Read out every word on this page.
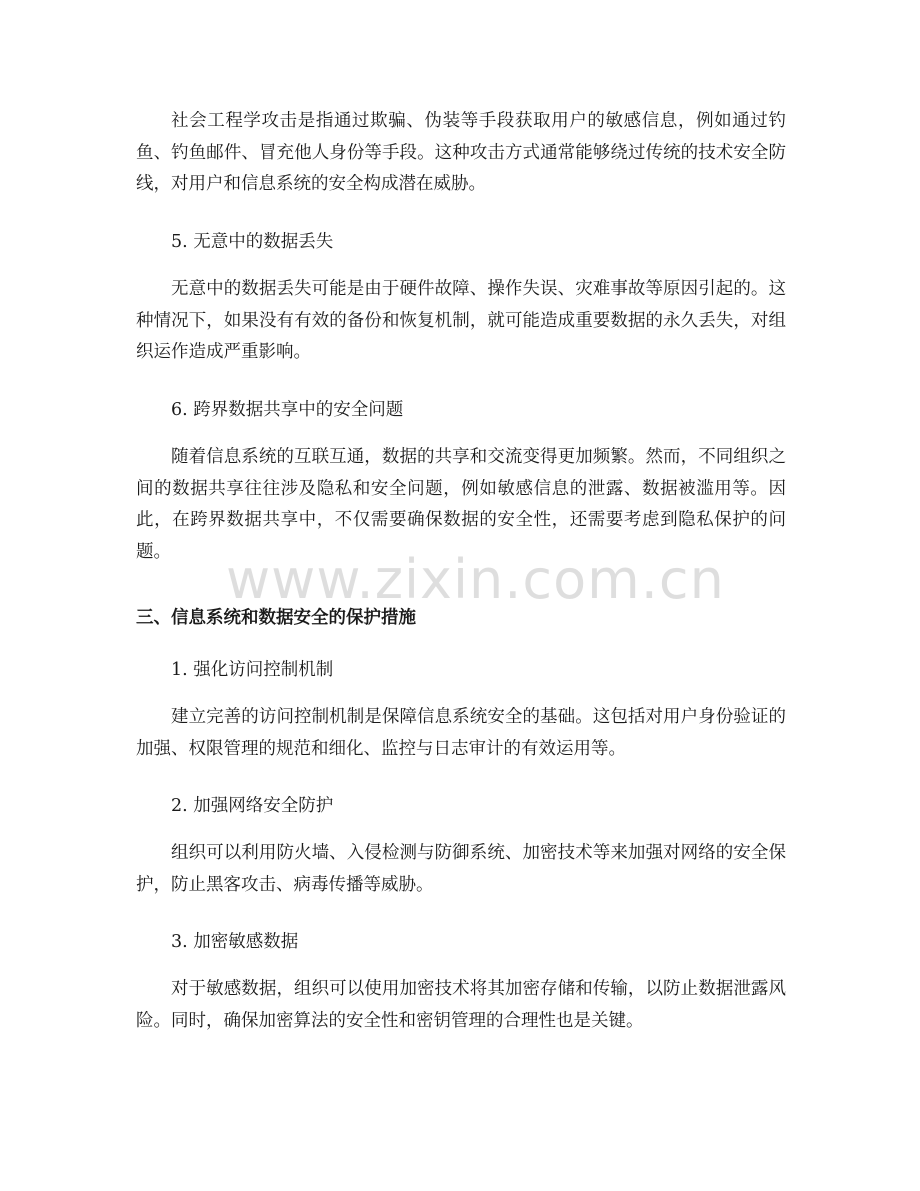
社会工程学攻击是指通过欺骗、伪装等手段获取用户的敏感信息，例如通过钓鱼、钓鱼邮件、冒充他人身份等手段。这种攻击方式通常能够绕过传统的技术安全防线，对用户和信息系统的安全构成潜在威胁。

5. 无意中的数据丢失

无意中的数据丢失可能是由于硬件故障、操作失误、灾难事故等原因引起的。这种情况下，如果没有有效的备份和恢复机制，就可能造成重要数据的永久丢失，对组织运作造成严重影响。

6. 跨界数据共享中的安全问题

随着信息系统的互联互通，数据的共享和交流变得更加频繁。然而，不同组织之间的数据共享往往涉及隐私和安全问题，例如敏感信息的泄露、数据被滥用等。因此，在跨界数据共享中，不仅需要确保数据的安全性，还需要考虑到隐私保护的问题。

三、信息系统和数据安全的保护措施

1. 强化访问控制机制

建立完善的访问控制机制是保障信息系统安全的基础。这包括对用户身份验证的加强、权限管理的规范和细化、监控与日志审计的有效运用等。

2. 加强网络安全防护

组织可以利用防火墙、入侵检测与防御系统、加密技术等来加强对网络的安全保护，防止黑客攻击、病毒传播等威胁。

3. 加密敏感数据

对于敏感数据，组织可以使用加密技术将其加密存储和传输，以防止数据泄露风险。同时，确保加密算法的安全性和密钥管理的合理性也是关键。

www.zixin.com.cn
